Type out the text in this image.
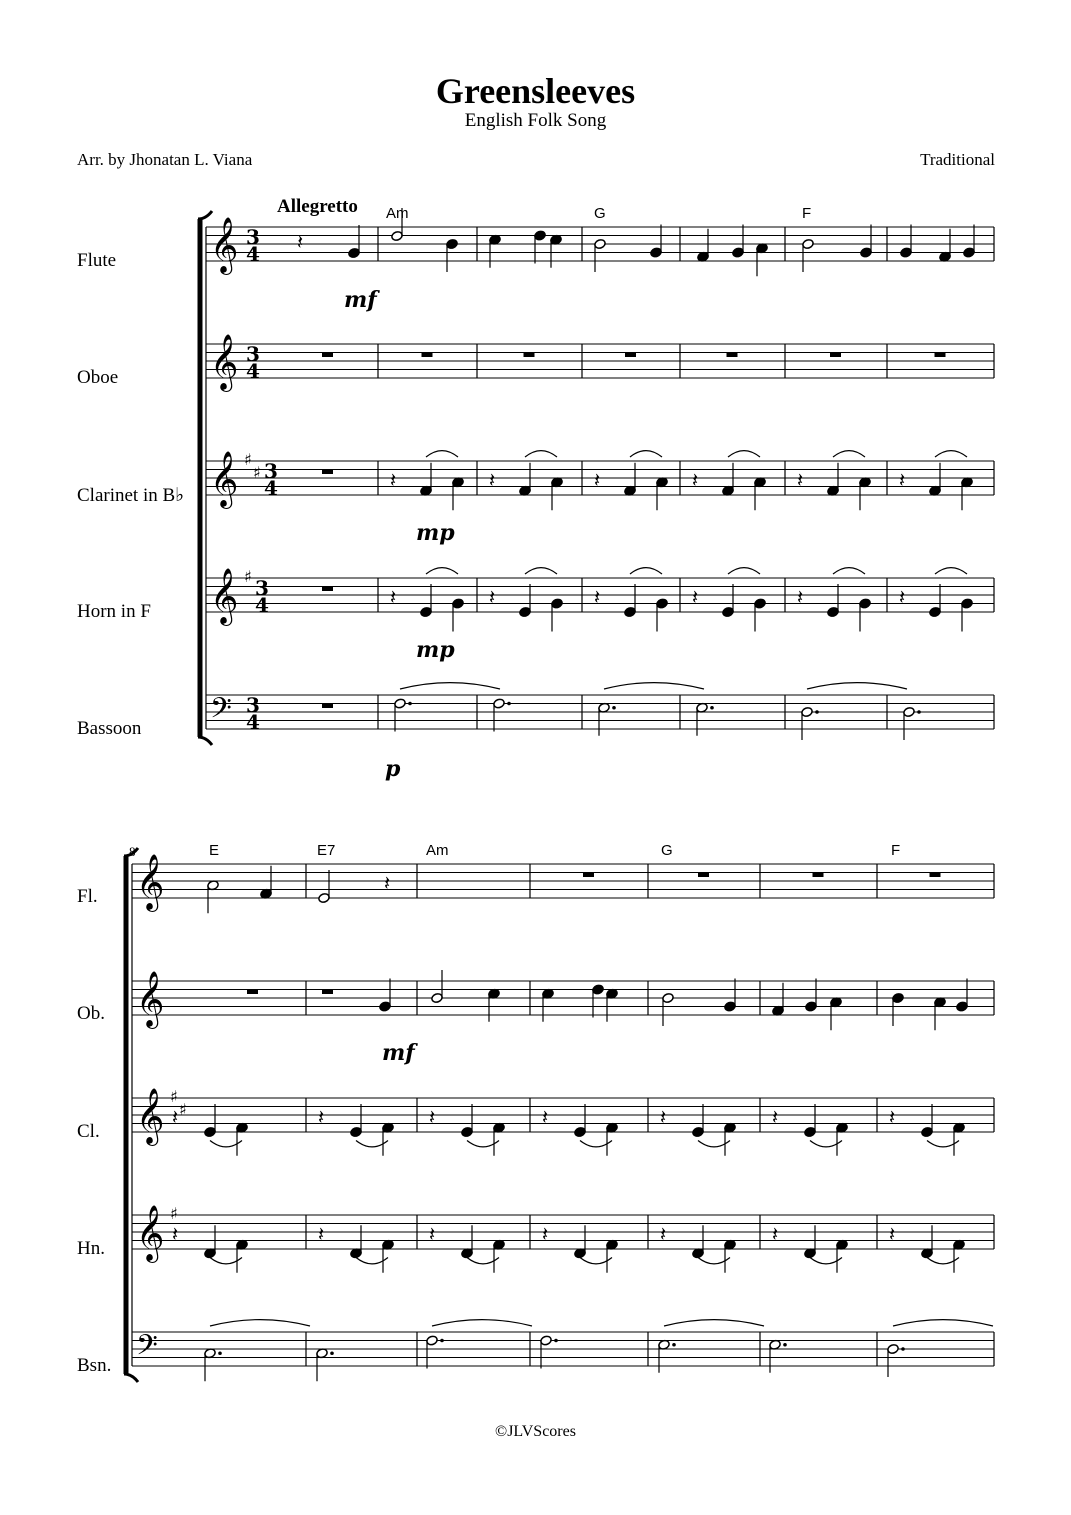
Greensleeves
English Folk Song
Arr. by Jhonatan L. Viana	Traditional
Allegretto
Flute
Oboe
Clarinet in B♭
Horn in F
Bassoon
Fl.
Ob.
Cl.
Hn.
Bsn.
©JLVScores
𝄞
𝄞
𝄞 ♯
♯
𝄞 ♯
𝄢
𝄞
𝄞
𝄞 ♯
♯
𝄞 ♯
𝄢
𝄽
𝄽	𝄽	𝄽	𝄽	𝄽	𝄽
𝄽	𝄽	𝄽	𝄽	𝄽	𝄽
𝄽
𝄽	𝄽	𝄽	𝄽	𝄽	𝄽	𝄽
𝄽	𝄽	𝄽	𝄽	𝄽	𝄽	𝄽
Am	G	F
E	E7	Am	G	F
8
mf
mp
mp
p
mf
3
4
3
4
3
4
3
4
3
4
